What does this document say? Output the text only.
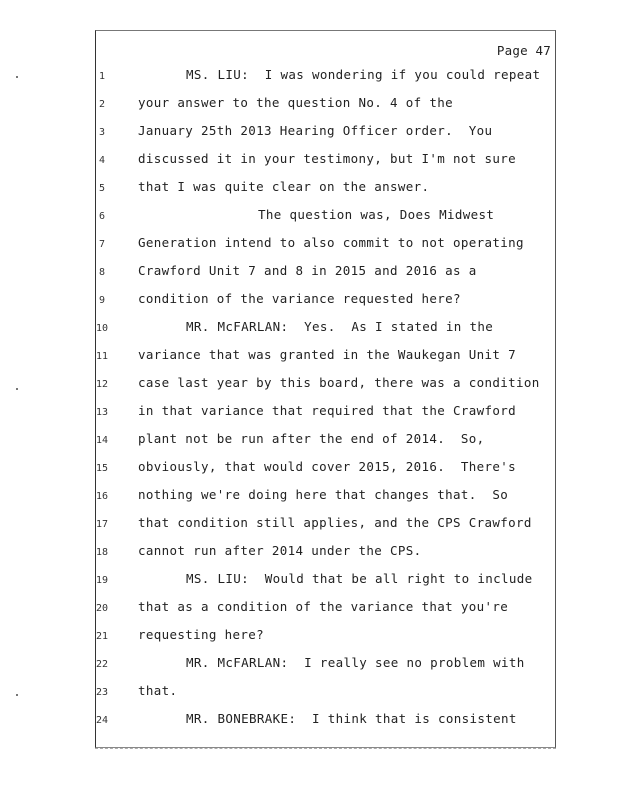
Page 47
1	MS. LIU:  I was wondering if you could repeat
2	your answer to the question No. 4 of the
3	January 25th 2013 Hearing Officer order.  You
4	discussed it in your testimony, but I'm not sure
5	that I was quite clear on the answer.
6	The question was, Does Midwest
7	Generation intend to also commit to not operating
8	Crawford Unit 7 and 8 in 2015 and 2016 as a
9	condition of the variance requested here?
10	MR. McFARLAN:  Yes.  As I stated in the
11	variance that was granted in the Waukegan Unit 7
12	case last year by this board, there was a condition
13	in that variance that required that the Crawford
14	plant not be run after the end of 2014.  So,
15	obviously, that would cover 2015, 2016.  There's
16	nothing we're doing here that changes that.  So
17	that condition still applies, and the CPS Crawford
18	cannot run after 2014 under the CPS.
19	MS. LIU:  Would that be all right to include
20	that as a condition of the variance that you're
21	requesting here?
22	MR. McFARLAN:  I really see no problem with
23	that.
24	MR. BONEBRAKE:  I think that is consistent
